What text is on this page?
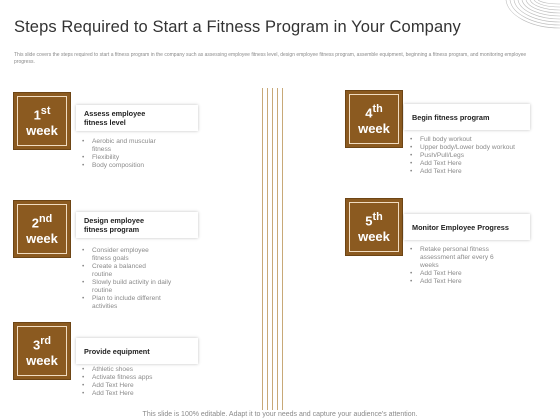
Steps Required to Start a Fitness Program in Your Company
This slide covers the steps required to start a fitness program in the company such as assessing employee fitness level, design employee fitness program, assemble equipment, beginning a fitness program, and monitoring employee progress.
1st
week
Assess employee fitness level
• Aerobic and muscular fitness
• Flexibility
• Body composition
2nd
week
Design employee fitness program
• Consider employee fitness goals
• Create a balanced routine
• Slowly build activity in daily routine
• Plan to include different activities
3rd
week
Provide equipment
• Athletic shoes
• Activate fitness apps
• Add Text Here
• Add Text Here
4th
week
Begin fitness program
• Full body workout
• Upper body/Lower body workout
• Push/Pull/Legs
• Add Text Here
• Add Text Here
5th
week
Monitor Employee Progress
• Retake personal fitness assessment after every 6 weeks
• Add Text Here
• Add Text Here
This slide is 100% editable. Adapt it to your needs and capture your audience's attention.
